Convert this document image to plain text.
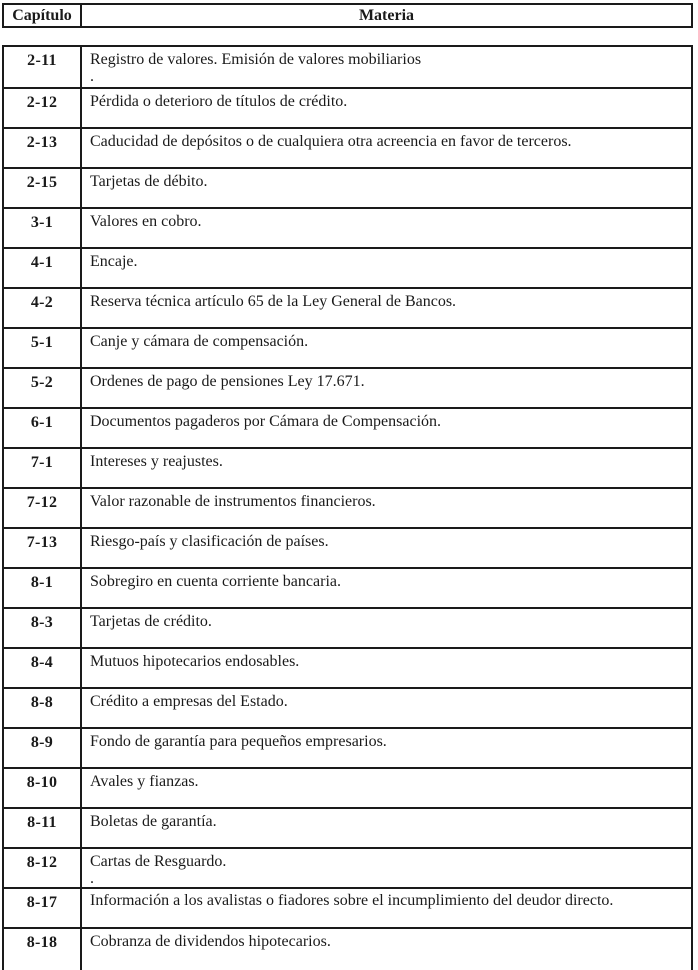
Capítulo	Materia
2-11	Registro de valores. Emisión de valores mobiliarios
.
2-12	Pérdida o deterioro de títulos de crédito.
2-13	Caducidad de depósitos o de cualquiera otra acreencia en favor de terceros.
2-15	Tarjetas de débito.
3-1	Valores en cobro.
4-1	Encaje.
4-2	Reserva técnica artículo 65 de la Ley General de Bancos.
5-1	Canje y cámara de compensación.
5-2	Ordenes de pago de pensiones Ley 17.671.
6-1	Documentos pagaderos por Cámara de Compensación.
7-1	Intereses y reajustes.
7-12	Valor razonable de instrumentos financieros.
7-13	Riesgo-país y clasificación de países.
8-1	Sobregiro en cuenta corriente bancaria.
8-3	Tarjetas de crédito.
8-4	Mutuos hipotecarios endosables.
8-8	Crédito a empresas del Estado.
8-9	Fondo de garantía para pequeños empresarios.
8-10	Avales y fianzas.
8-11	Boletas de garantía.
8-12	Cartas de Resguardo.
.
8-17	Información a los avalistas o fiadores sobre el incumplimiento del deudor directo.
8-18	Cobranza de dividendos hipotecarios.
